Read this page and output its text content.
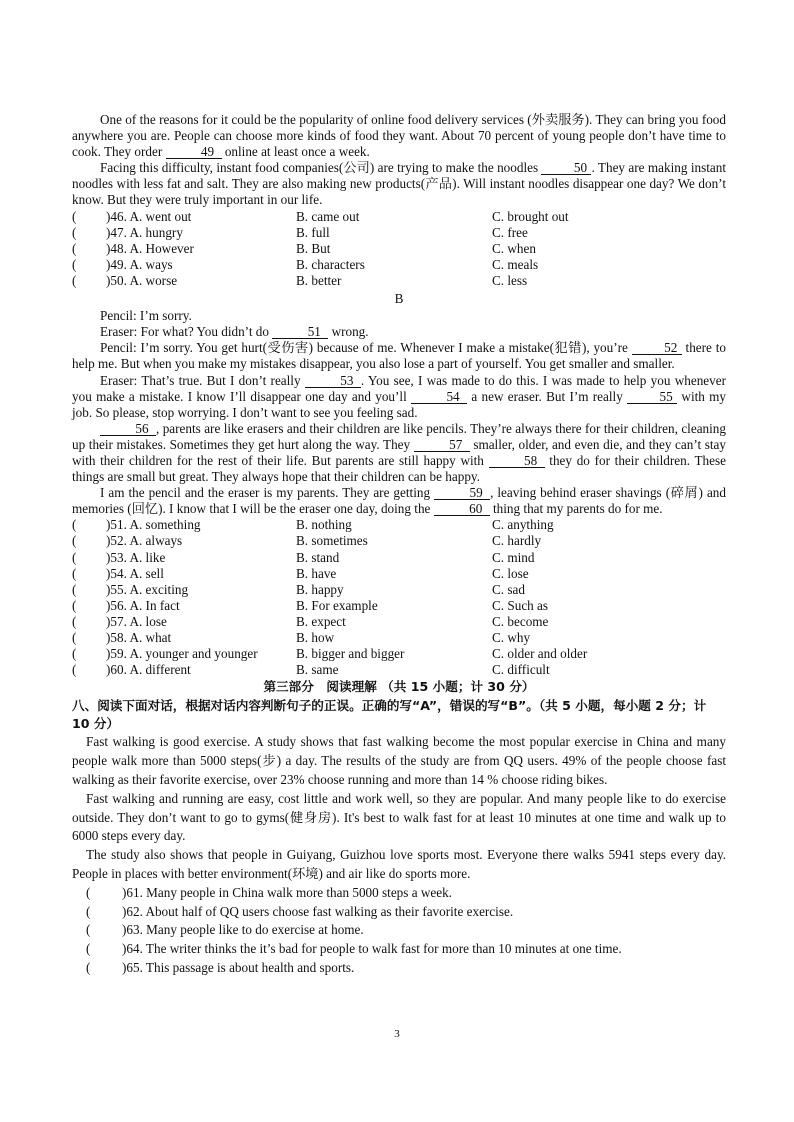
One of the reasons for it could be the popularity of online food delivery services (外卖服务). They can bring you food anywhere you are. People can choose more kinds of food they want. About 70 percent of young people don’t have time to cook. They order	49 online at least once a week.

Facing this difficulty, instant food companies(公司) are trying to make the noodles 50 . They are making instant noodles with less fat and salt. They are also making new products(产品). Will instant noodles disappear one day? We don’t know. But they were truly important in our life.

(	)46. A. went out	B. came out	C. brought out
(	)47. A. hungry	B. full	C. free
(	)48. A. However	B. But	C. when
(	)49. A. ways	B. characters	C. meals
(	)50. A. worse	B. better	C. less

B

Pencil: I’m sorry.

Eraser: For what? You didn’t do	51 wrong.

Pencil: I’m sorry. You get hurt(受伤害) because of me. Whenever I make a mistake(犯错), you’re 52 there to help me. But when you make my mistakes disappear, you also lose a part of yourself. You get smaller and smaller.

Eraser: That’s true. But I don’t really	53 . You see, I was made to do this. I was made to help you whenever you make a mistake. I know I’ll disappear one day and you’ll	54 a new eraser. But I’m really 55 with my job. So please, stop worrying. I don’t want to see you feeling sad.

56 , parents are like erasers and their children are like pencils. They’re always there for their children, cleaning up their mistakes. Sometimes they get hurt along the way. They	57 smaller, older, and even die, and they can’t stay with their children for the rest of their life. But parents are still happy with	58 they do for their children. These things are small but great. They always hope that their children can be happy.

I am the pencil and the eraser is my parents. They are getting	59 , leaving behind eraser shavings (碎屑) and memories (回忆). I know that I will be the eraser one day, doing the	60 thing that my parents do for me.

(	)51. A. something	B. nothing	C. anything
(	)52. A. always	B. sometimes	C. hardly
(	)53. A. like	B. stand	C. mind
(	)54. A. sell	B. have	C. lose
(	)55. A. exciting	B. happy	C. sad
(	)56. A. In fact	B. For example	C. Such as
(	)57. A. lose	B. expect	C. become
(	)58. A. what	B. how	C. why
(	)59. A. younger and younger	B. bigger and bigger	C. older and older
(	)60. A. different	B. same	C. difficult
第三部分　阅读理解 （共 15 小题；计 30 分）
八、阅读下面对话，根据对话内容判断句子的正误。正确的写“A”，错误的写“B”。（共 5 小题，每小题 2 分；计 10 分）

Fast walking is good exercise. A study shows that fast walking become the most popular exercise in China and many people walk more than 5000 steps(步) a day. The results of the study are from QQ users. 49% of the people choose fast walking as their favorite exercise, over 23% choose running and more than 14 % choose riding bikes.

Fast walking and running are easy, cost little and work well, so they are popular. And many people like to do exercise outside. They don’t want to go to gyms(健身房). It's best to walk fast for at least 10 minutes at one time and walk up to 6000 steps every day.

The study also shows that people in Guiyang, Guizhou love sports most. Everyone there walks 5941 steps every day. People in places with better environment(环境) and air like do sports more.

(	)61. Many people in China walk more than 5000 steps a week.
(	)62. About half of QQ users choose fast walking as their favorite exercise.
(	)63. Many people like to do exercise at home.
(	)64. The writer thinks the it’s bad for people to walk fast for more than 10 minutes at one time.
(	)65. This passage is about health and sports.
3
